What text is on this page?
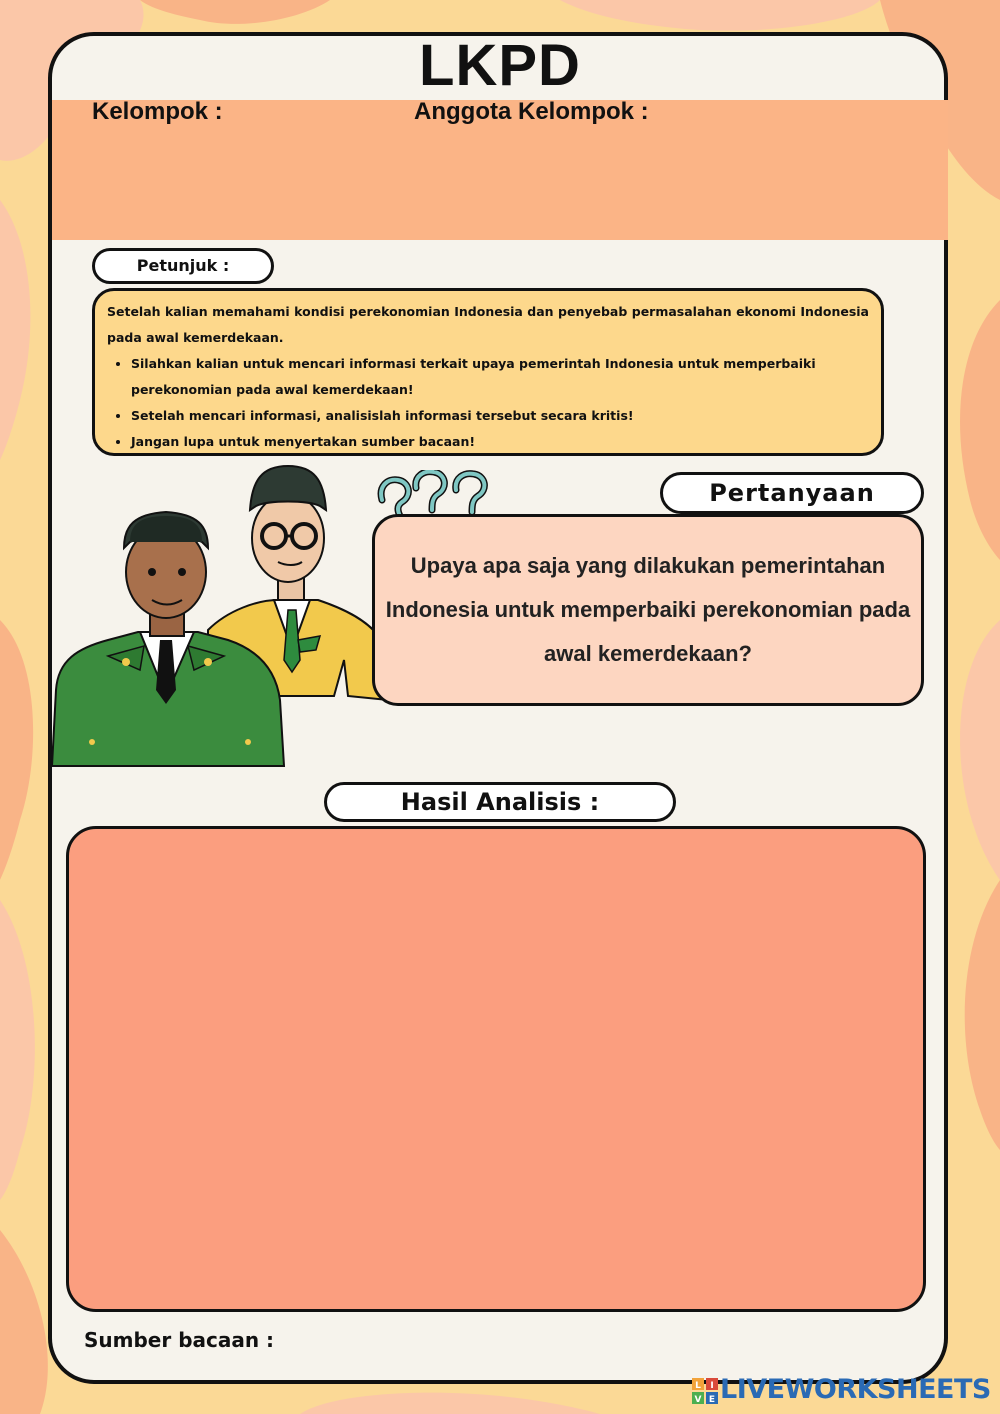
LKPD
Kelompok :	Anggota Kelompok :
Petunjuk :
Setelah kalian memahami kondisi perekonomian Indonesia dan penyebab permasalahan ekonomi Indonesia pada awal kemerdekaan.
• Silahkan kalian untuk mencari informasi terkait upaya pemerintah Indonesia untuk memperbaiki perekonomian pada awal kemerdekaan!
• Setelah mencari informasi, analisislah informasi tersebut secara kritis!
• Jangan lupa untuk menyertakan sumber bacaan!
Pertanyaan
Upaya apa saja yang dilakukan pemerintahan Indonesia untuk memperbaiki perekonomian pada awal kemerdekaan?
Hasil Analisis :
Sumber bacaan :
L I
V E LIVEWORKSHEETS
